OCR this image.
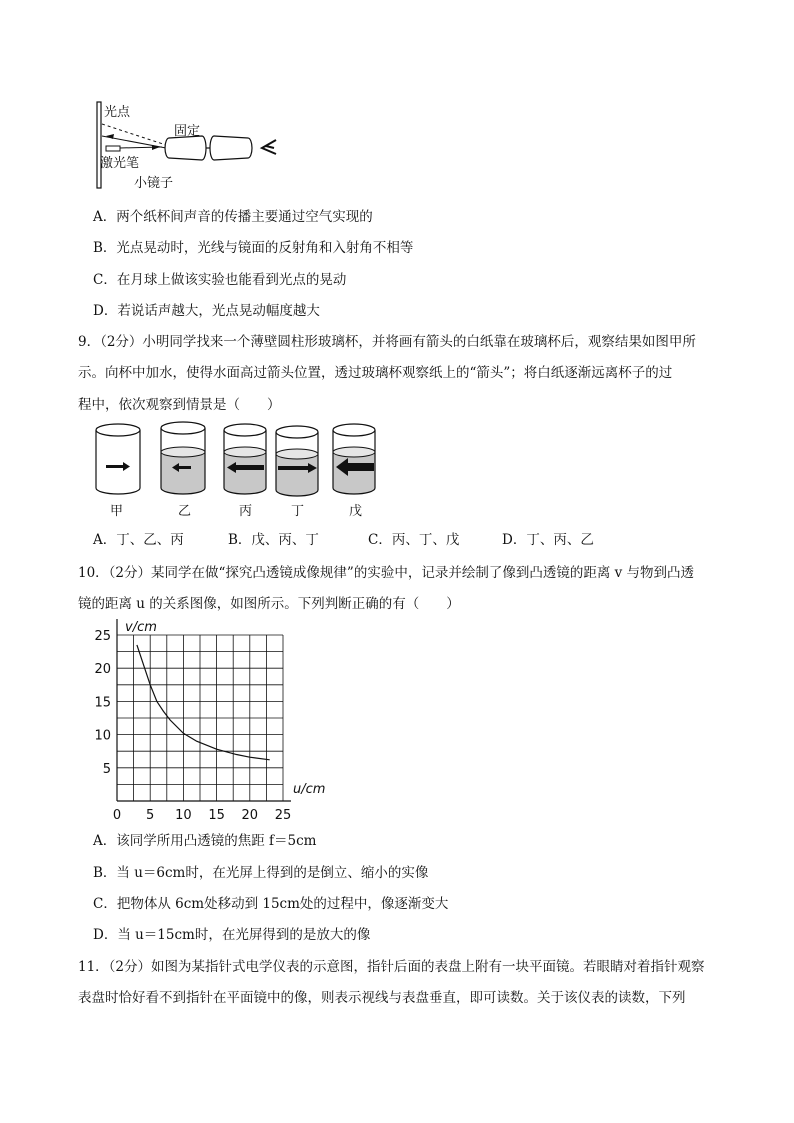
光点
固定
激光笔
小镜子
A．两个纸杯间声音的传播主要通过空气实现的
B．光点晃动时，光线与镜面的反射角和入射角不相等
C．在月球上做该实验也能看到光点的晃动
D．若说话声越大，光点晃动幅度越大
9．（2分）小明同学找来一个薄壁圆柱形玻璃杯，并将画有箭头的白纸靠在玻璃杯后，观察结果如图甲所
示。向杯中加水，使得水面高过箭头位置，透过玻璃杯观察纸上的“箭头”；将白纸逐渐远离杯子的过
程中，依次观察到情景是（　　）
甲	乙	丙	丁	戊
A．丁、乙、丙	B．戊、丙、丁	C．丙、丁、戊	D．丁、丙、乙
10．（2分）某同学在做“探究凸透镜成像规律”的实验中，记录并绘制了像到凸透镜的距离 v 与物到凸透
镜的距离 u 的关系图像，如图所示。下列判断正确的有（　　）
0 5 10 15 20 25
5
10
15
20
25
v/cm
u/cm
A．该同学所用凸透镜的焦距 f＝5cm
B．当 u＝6cm时，在光屏上得到的是倒立、缩小的实像
C．把物体从 6cm处移动到 15cm处的过程中，像逐渐变大
D．当 u＝15cm时，在光屏得到的是放大的像
11．（2分）如图为某指针式电学仪表的示意图，指针后面的表盘上附有一块平面镜。若眼睛对着指针观察
表盘时恰好看不到指针在平面镜中的像，则表示视线与表盘垂直，即可读数。关于该仪表的读数，下列
